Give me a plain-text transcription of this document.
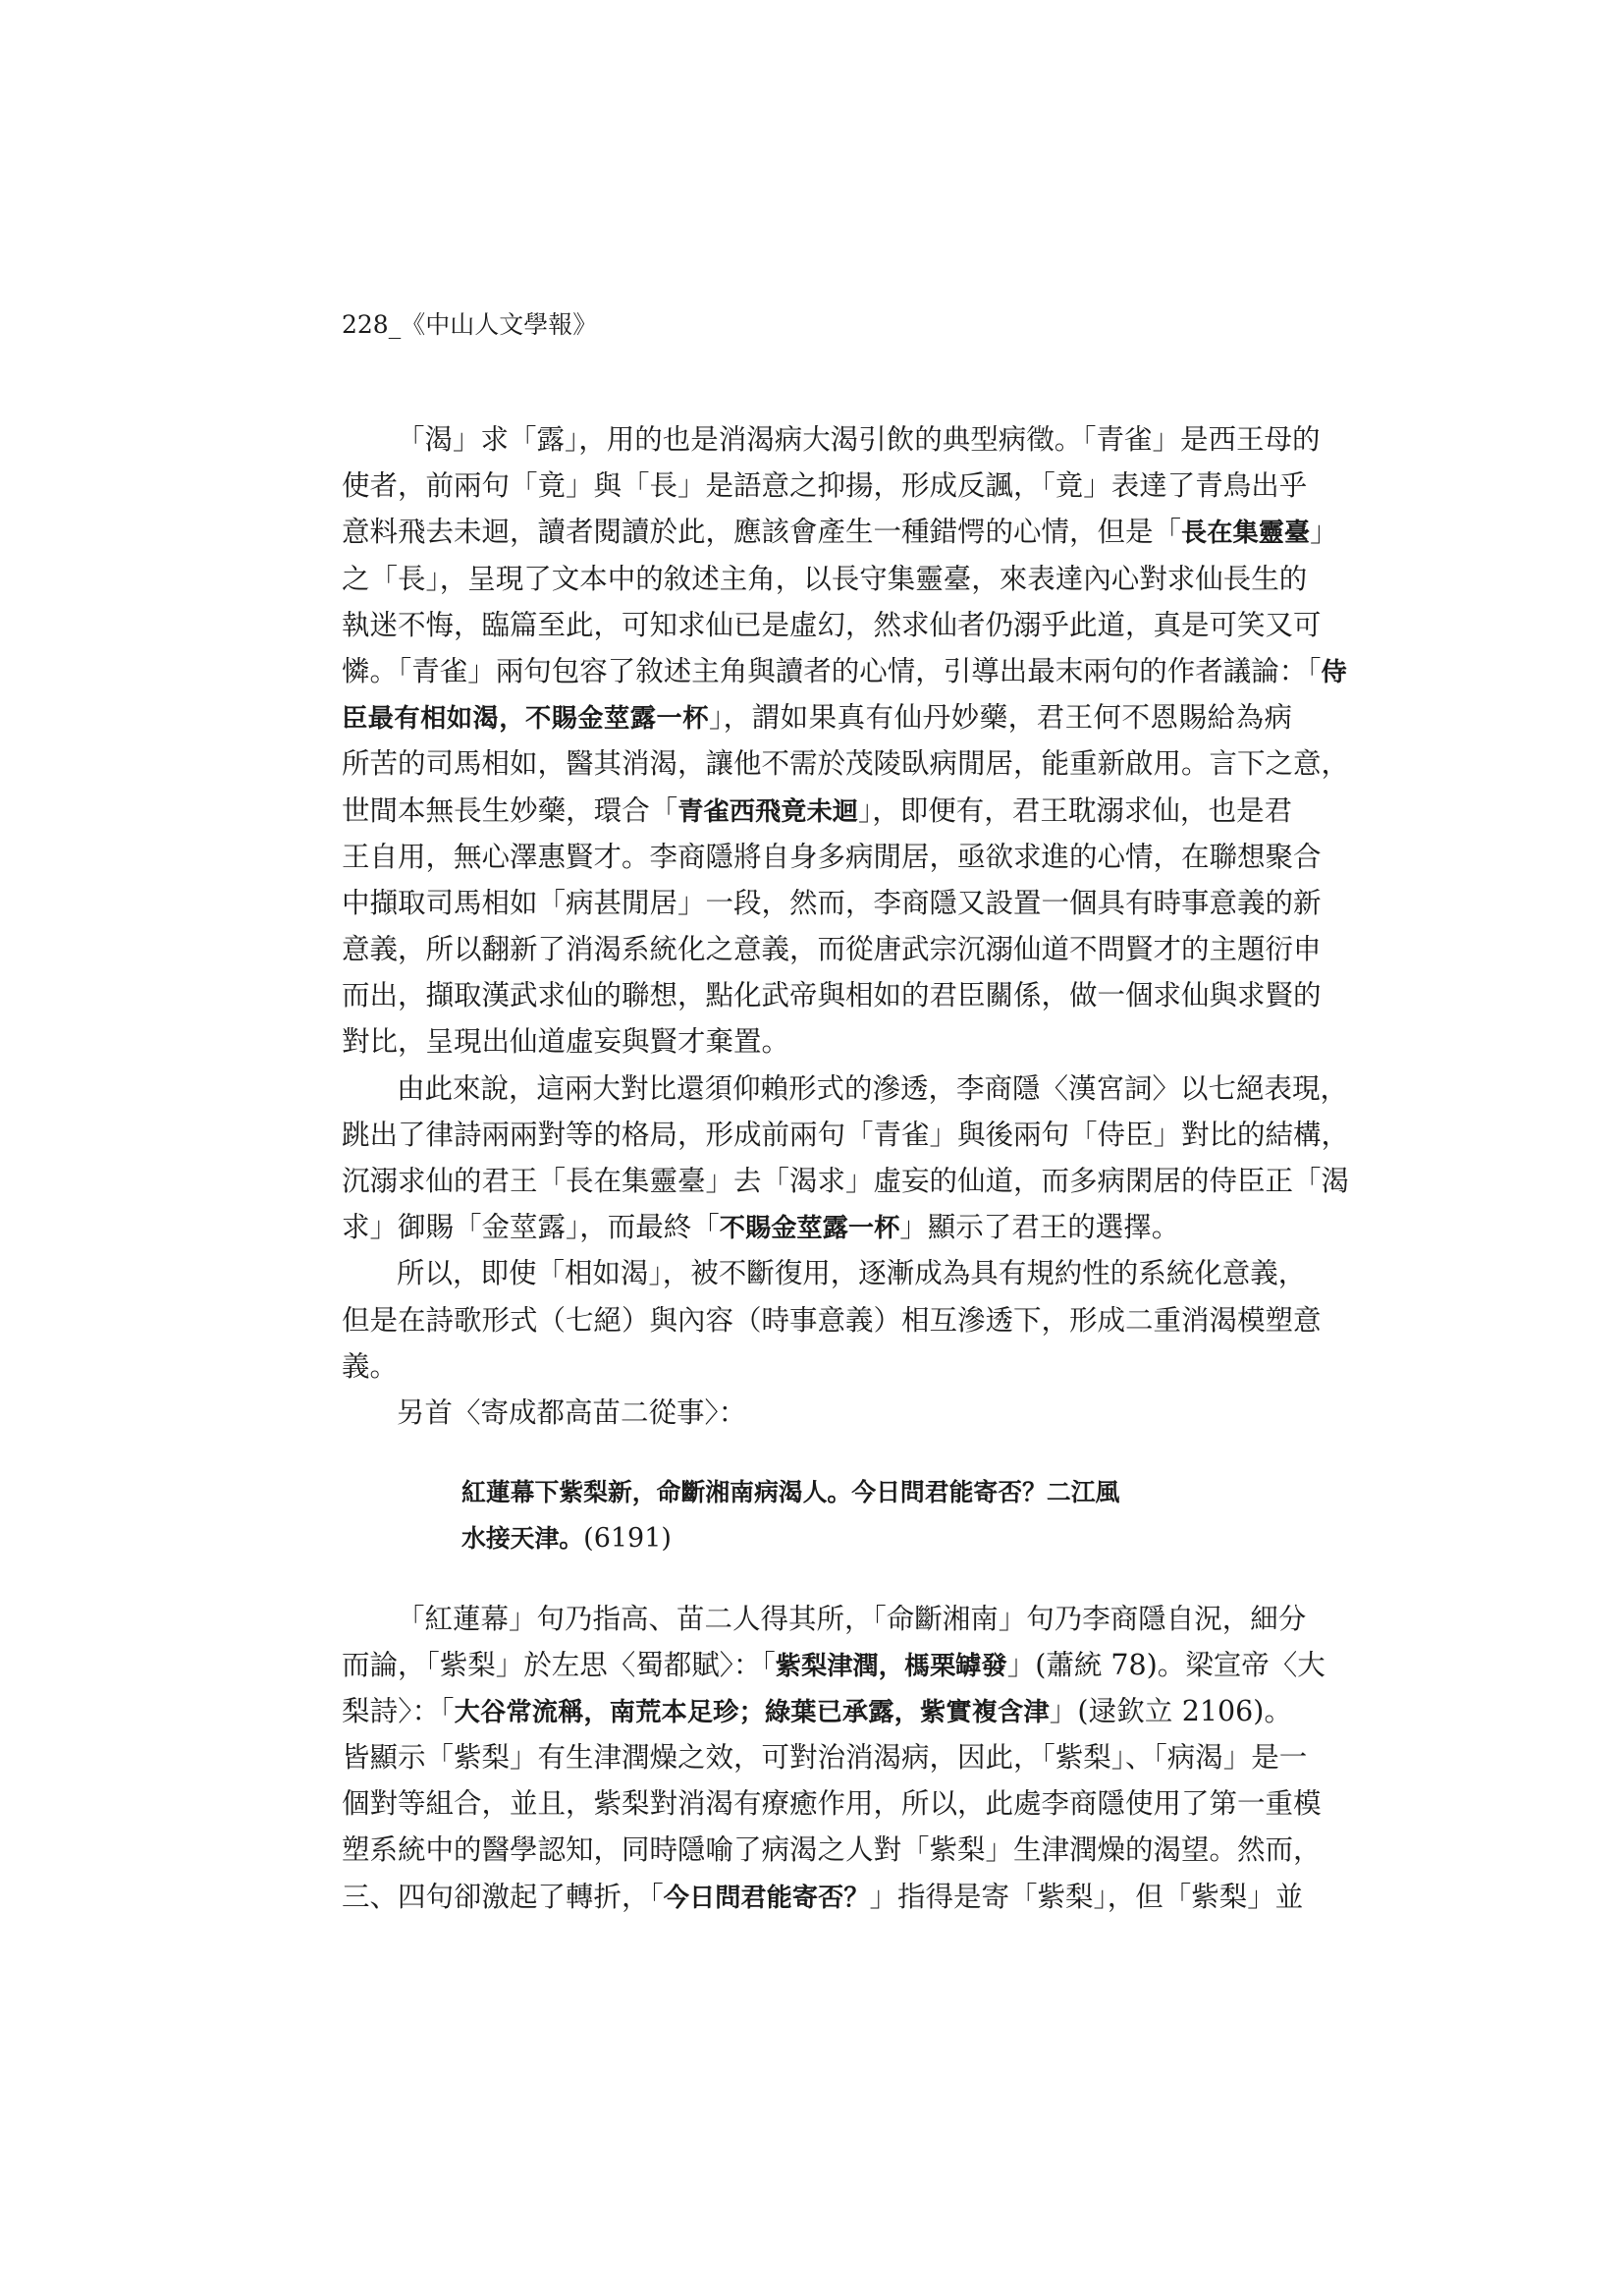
228_《中山人文學報》
「渴」求「露」，用的也是消渴病大渴引飲的典型病徵。「青雀」是西王母的
使者，前兩句「竟」與「長」是語意之抑揚，形成反諷，「竟」表達了青鳥出乎
意料飛去未迴，讀者閱讀於此，應該會產生一種錯愕的心情，但是「長在集靈臺」
之「長」，呈現了文本中的敘述主角，以長守集靈臺，來表達內心對求仙長生的
執迷不悔，臨篇至此，可知求仙已是虛幻，然求仙者仍溺乎此道，真是可笑又可
憐。「青雀」兩句包容了敘述主角與讀者的心情，引導出最末兩句的作者議論：「侍
臣最有相如渴，不賜金莖露一杯」，謂如果真有仙丹妙藥，君王何不恩賜給為病
所苦的司馬相如，醫其消渴，讓他不需於茂陵臥病閒居，能重新啟用。言下之意，
世間本無長生妙藥，環合「青雀西飛竟未迴」，即便有，君王耽溺求仙，也是君
王自用，無心澤惠賢才。李商隱將自身多病閒居，亟欲求進的心情，在聯想聚合
中擷取司馬相如「病甚閒居」一段，然而，李商隱又設置一個具有時事意義的新
意義，所以翻新了消渴系統化之意義，而從唐武宗沉溺仙道不問賢才的主題衍申
而出，擷取漢武求仙的聯想，點化武帝與相如的君臣關係，做一個求仙與求賢的
對比，呈現出仙道虛妄與賢才棄置。
由此來說，這兩大對比還須仰賴形式的滲透，李商隱〈漢宮詞〉以七絕表現，
跳出了律詩兩兩對等的格局，形成前兩句「青雀」與後兩句「侍臣」對比的結構，
沉溺求仙的君王「長在集靈臺」去「渴求」虛妄的仙道，而多病閑居的侍臣正「渴
求」御賜「金莖露」，而最終「不賜金莖露一杯」顯示了君王的選擇。
所以，即使「相如渴」，被不斷復用，逐漸成為具有規約性的系統化意義，
但是在詩歌形式（七絕）與內容（時事意義）相互滲透下，形成二重消渴模塑意
義。
另首〈寄成都高苗二從事〉：
紅蓮幕下紫梨新，命斷湘南病渴人。今日問君能寄否？二江風
水接天津。(6191)
「紅蓮幕」句乃指高、苗二人得其所，「命斷湘南」句乃李商隱自況，細分
而論，「紫梨」於左思〈蜀都賦〉：「紫梨津潤，榪栗罅發」(蕭統 78)。梁宣帝〈大
梨詩〉：「大谷常流稱，南荒本足珍；綠葉已承露，紫實複含津」(逯欽立 2106)。
皆顯示「紫梨」有生津潤燥之效，可對治消渴病，因此，「紫梨」、「病渴」是一
個對等組合，並且，紫梨對消渴有療癒作用，所以，此處李商隱使用了第一重模
塑系統中的醫學認知，同時隱喻了病渴之人對「紫梨」生津潤燥的渴望。然而，
三、四句卻激起了轉折，「今日問君能寄否？」指得是寄「紫梨」，但「紫梨」並
